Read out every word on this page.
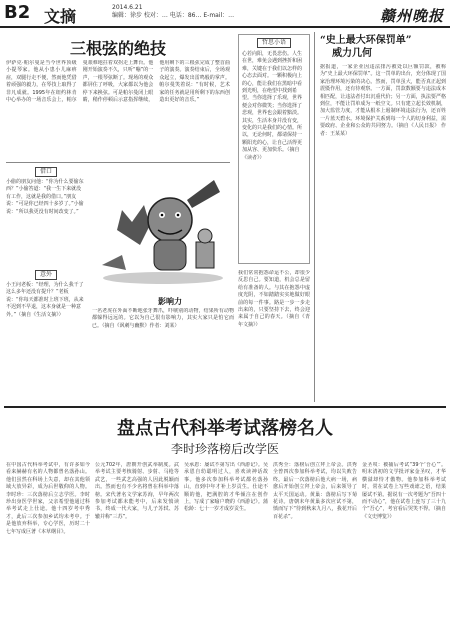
B2 文摘	2014.6.21
编辑：徐步 校对：… 电话：86… E-mail：…	赣州晚报
三根弦的绝技
伊萨克·帕尔曼是当今世界顶级小提琴家。他从小患小儿麻痹症，双腿行走不便，然而他凭借着顽强的毅力，在琴技上取得了非凡成就。1995年在纽约林肯中心举办的一场音乐会上，帕尔曼艰难地拄着双拐走上舞台。他刚开始演奏不久，只听“嘣”的一声，一根琴弦断了。现场的观众都屏住了呼吸，大家都以为他会停下来换弦。可是帕尔曼闭上眼睛，稍作停顿后示意指挥继续，他用剩下的三根弦完成了整首曲子的演奏。演奏结束后，全场观众起立，爆发出雷鸣般的掌声。帕尔曼笑着说：“有时候，艺术家的任务就是用所剩下的东西创造出更好的音乐。”
借口
小偷的朋友问他：“你为什么要偷东西？”小偷答道：“我一生下来就没有工作，这就是我的借口。”朋友说：“可是你已经四十多岁了。”小偷说：“所以我更没有时间改变了。”
意外
小王问老板：“经理，为什么我干了这么多年还没有提升？”老板说：“你每天都准时上班下班，从来不迟到不早退，这本身就是一种意外。”（摘自《生活文摘》）
影响力
一名老虎在外面不断地张牙舞爪，吓唬别的动物，结果所有动物都躲得远远的。它以为自己很有影响力，其实大家只是怕它而已。（摘自《讽刺与幽默》作者：刘某）
哲思小语
心若向阳，无畏悲伤。人生在世，难免会遇到挫折和困难，关键在于我们以怎样的心态去面对。一颗积极向上的心，能让我们在黑暗中看到光明，在绝望中找到希望。当你选择了乐观，世界便会对你微笑；当你选择了悲观，世界也会跟着黯淡。其实，生活本身并没有变，变化的只是我们的心情。所以，无论何时，都请保持一颗阳光的心，让自己活得更加从容、更加快乐。（摘自《读者》）
我们常常抱怨命运不公，却很少反思自己。要知道，机会总是留给有准备的人。与其在抱怨中虚度光阴，不如踏踏实实地做好眼前的每一件事。路是一步一步走出来的，只要坚持下去，终会迎来属于自己的春天。（摘自《青年文摘》）
“史上最大环保罚单”
威力几何
据报道，一家企业因违法排污被处以巨额罚款，被称为“史上最大环保罚单”。这一罚单的出台，充分体现了国家治理环境污染的决心。然而，罚单虽大，能否真正起到震慑作用，还有待观察。一方面，罚款数额要与违法成本相匹配，让违法者付出沉重代价；另一方面，执法要严格到位，不能让罚单成为一纸空文。只有建立起长效机制，加大监管力度，才能从根本上遏制环境违法行为，还百姓一片蓝天碧水。环境保护关系到每一个人的切身利益，需要政府、企业和公众的共同努力。（摘自《人民日报》 作者：王某某）
盘点古代科举考试落榜名人
李时珍落榜后改学医
在中国古代科举考试中，有许多如今看来赫赫有名的人物都曾名落孙山。他们虽然在科场上失意，却在其他领域大放异彩，成为后世敬仰的人物。李时珍：三次落榜后立志学医。李时珍出身医学世家，父亲希望他通过科举考试走上仕途。他十四岁考中秀才，此后三次参加乡试均未考中。于是他放弃科举，专心学医，历时二十七年写成巨著《本草纲目》。
公元702年，唐朝开创武举制度。武举考试主要考核骑射、步射、马枪等武艺，一些武艺高强的人因此脱颖而出。然而也有不少名将曾在科举中落榜。宋代著名文学家苏洵，早年两次参加考试都未能考中，后来发愤读书，终成一代大家，与儿子苏轼、苏辙并称“三苏”。
吴承恩：屡试不第写出《西游记》。吴承恩自幼聪明过人，喜欢读神话故事。他多次参加科举考试都名落孙山，直到中年才补上岁贡生。仕途不顺的他，把满腔的才华倾注在创作上，写成了家喻户晓的《西游记》。蒲松龄：七十一岁才成岁贡生。
洪秀全：落榜后创立拜上帝会。洪秀全曾四次参加科举考试，均以失败告终。最后一次落榜后他大病一场，病愈后开始创立拜上帝会，后来领导了太平天国运动。黄巢：落榜后写下菊花诗。唐朝末年黄巢多次应试不第，愤而写下“待到秋来九月八，我花开后百花杀”。
金圣叹：被捕后考试“39个‘吾心’”。明末清初的文学批评家金圣叹，才华横溢却恃才傲物。他参加科举考试时，常在试卷上写些戏谑之语，结果屡试不第。据说有一次考题为“吾四十而不动心”，他在试卷上连写了三十九个“吾心”，考官看后哭笑不得。（摘自《文史博览》）
